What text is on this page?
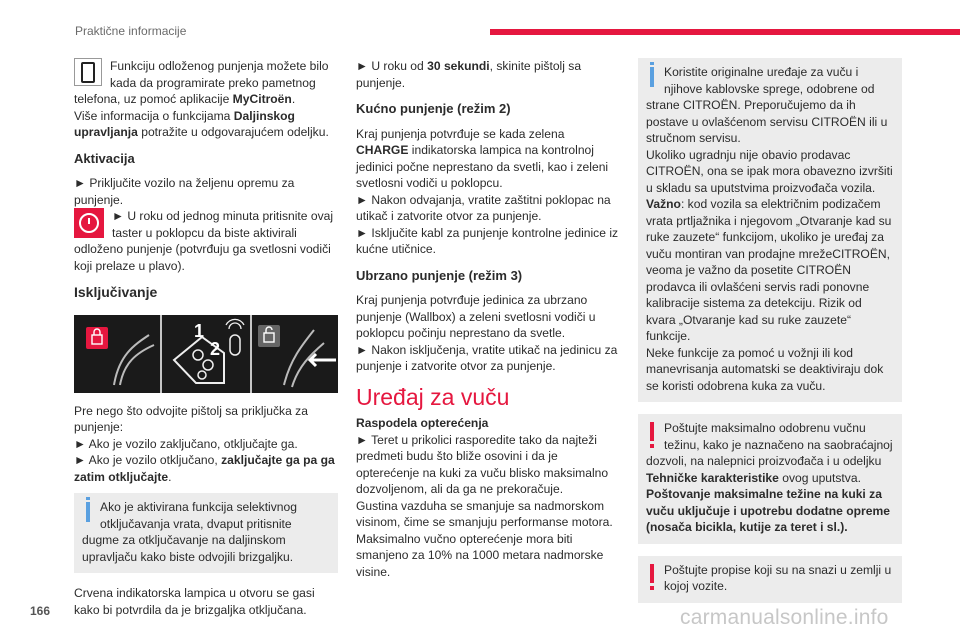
Praktične informacije

Funkciju odloženog punjenja možete bilo kada da programirate preko pametnog telefona, uz pomoć aplikacije MyCitroën.
Više informacija o funkcijama Daljinskog upravljanja potražite u odgovarajućem odeljku.

Aktivacija

► Priključite vozilo na željenu opremu za punjenje.

► U roku od jednog minuta pritisnite ovaj taster u poklopcu da biste aktivirali odloženo punjenje (potvrđuju ga svetlosni vodiči koji prelaze u plavo).

Isključivanje
1
2

Pre nego što odvojite pištolj sa priključka za punjenje:

► Ako je vozilo zaključano, otključajte ga.

► Ako je vozilo otključano, zaključajte ga pa ga zatim otključajte.

Ako je aktivirana funkcija selektivnog otključavanja vrata, dvaput pritisnite dugme za otključavanje na daljinskom upravljaču kako biste odvojili brizgaljku.

Crvena indikatorska lampica u otvoru se gasi kako bi potvrdila da je brizgaljka otključana.

► U roku od 30 sekundi, skinite pištolj sa punjenje.

Kućno punjenje (režim 2)

Kraj punjenja potvrđuje se kada zelena
CHARGE indikatorska lampica na kontrolnoj jedinici počne neprestano da svetli, kao i zeleni svetlosni vodiči u poklopcu.

► Nakon odvajanja, vratite zaštitni poklopac na utikač i zatvorite otvor za punjenje.

► Isključite kabl za punjenje kontrolne jedinice iz kućne utičnice.

Ubrzano punjenje (režim 3)

Kraj punjenja potvrđuje jedinica za ubrzano punjenje (Wallbox) a zeleni svetlosni vodiči u poklopcu počinju neprestano da svetle.

► Nakon isključenja, vratite utikač na jedinicu za punjenje i zatvorite otvor za punjenje.

Uređaj za vuču

Raspodela opterećenja

► Teret u prikolici rasporedite tako da najteži predmeti budu što bliže osovini i da je opterećenje na kuki za vuču blisko maksimalno dozvoljenom, ali da ga ne prekoračuje.

Gustina vazduha se smanjuje sa nadmorskom visinom, čime se smanjuju performanse motora. Maksimalno vučno opterećenje mora biti smanjeno za 10% na 1000 metara nadmorske visine.

Koristite originalne uređaje za vuču i njihove kablovske sprege, odobrene od strane CITROËN. Preporučujemo da ih postave u ovlašćenom servisu CITROËN ili u stručnom servisu.

Ukoliko ugradnju nije obavio prodavac CITROËN, ona se ipak mora obavezno izvršiti u skladu sa uputstvima proizvođača vozila.

Važno: kod vozila sa električnim podizačem vrata prtljažnika i njegovom „Otvaranje kad su ruke zauzete“ funkcijom, ukoliko je uređaj za vuču montiran van prodajne mrežeCITROËN, veoma je važno da posetite CITROËN prodavca ili ovlašćeni servis radi ponovne kalibracije sistema za detekciju. Rizik od kvara „Otvaranje kad su ruke zauzete“ funkcije.

Neke funkcije za pomoć u vožnji ili kod manevrisanja automatski se deaktiviraju dok se koristi odobrena kuka za vuču.

Poštujte maksimalno odobrenu vučnu težinu, kako je naznačeno na saobraćajnoj dozvoli, na nalepnici proizvođača i u odeljku Tehničke karakteristike ovog uputstva.

Poštovanje maksimalne težine na kuki za vuču uključuje i upotrebu dodatne opreme (nosača bicikla, kutije za teret i sl.).

Poštujte propise koji su na snazi u zemlji u kojoj vozite.

166	carmanualsonline.info
